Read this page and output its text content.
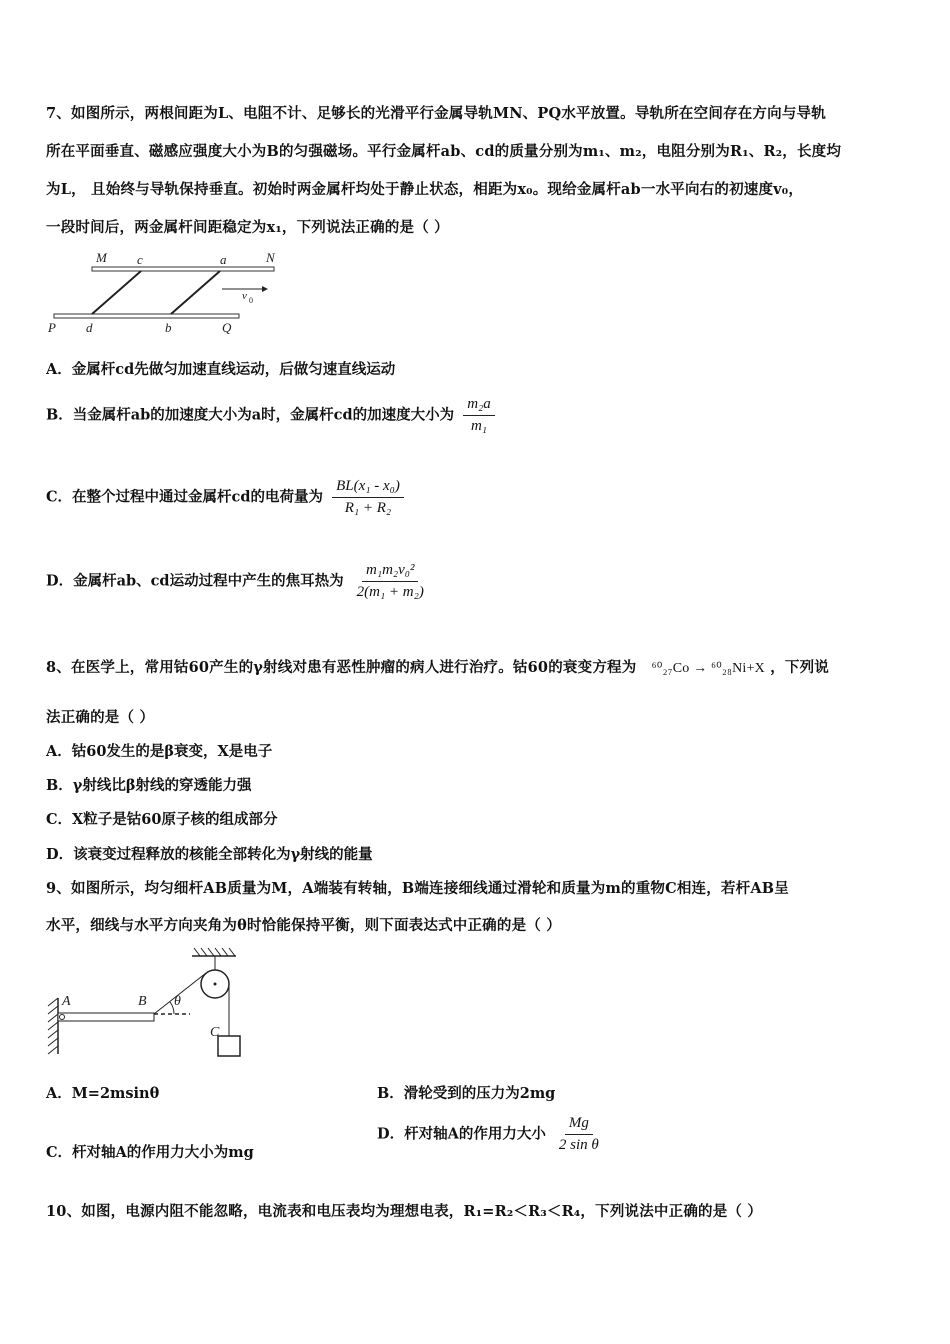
7、如图所示，两根间距为L、电阻不计、足够长的光滑平行金属导轨MN、PQ水平放置。导轨所在空间存在方向与导轨
所在平面垂直、磁感应强度大小为B的匀强磁场。平行金属杆ab、cd的质量分别为m₁、m₂，电阻分别为R₁、R₂，长度均
为L， 且始终与导轨保持垂直。初始时两金属杆均处于静止状态，相距为x₀。现给金属杆ab一水平向右的初速度v₀，
一段时间后，两金属杆间距稳定为x₁，下列说法正确的是（ ）
M c	a	N
v 0
P d	b	Q
A．金属杆cd先做匀加速直线运动，后做匀速直线运动
B．当金属杆ab的加速度大小为a时，金属杆cd的加速度大小为 $\frac{\text{m₂a}}{\text{m₁}}$
C．在整个过程中通过金属杆cd的电荷量为 $\frac{\text{BL(x₁ - x₀)}}{\text{R₁ + R₂}}$
D．金属杆ab、cd运动过程中产生的焦耳热为 $\frac{\text{m₁m₂v₀²}}{\text{2(m₁ + m₂)}}$
8、在医学上，常用钴60产生的γ射线对患有恶性肿瘤的病人进行治疗。钴60的衰变方程为 ⁶⁰₂₇Co → ⁶⁰₂₈Ni+X ，下列说
法正确的是（ ）
A．钴60发生的是β衰变，X是电子
B．γ射线比β射线的穿透能力强
C．X粒子是钴60原子核的组成部分
D．该衰变过程释放的核能全部转化为γ射线的能量
9、如图所示，均匀细杆AB质量为M，A端装有转轴，B端连接细线通过滑轮和质量为m的重物C相连，若杆AB呈
水平，细线与水平方向夹角为θ时恰能保持平衡，则下面表达式中正确的是（ ）
A	B θ
C
A．M=2msinθ	B．滑轮受到的压力为2mg
C．杆对轴A的作用力大小为mg
D．杆对轴A的作用力大小 $\frac{Mg}{\text{2 sin θ}}$
10、如图，电源内阻不能忽略，电流表和电压表均为理想电表，R₁=R₂＜R₃＜R₄，下列说法中正确的是（ ）
